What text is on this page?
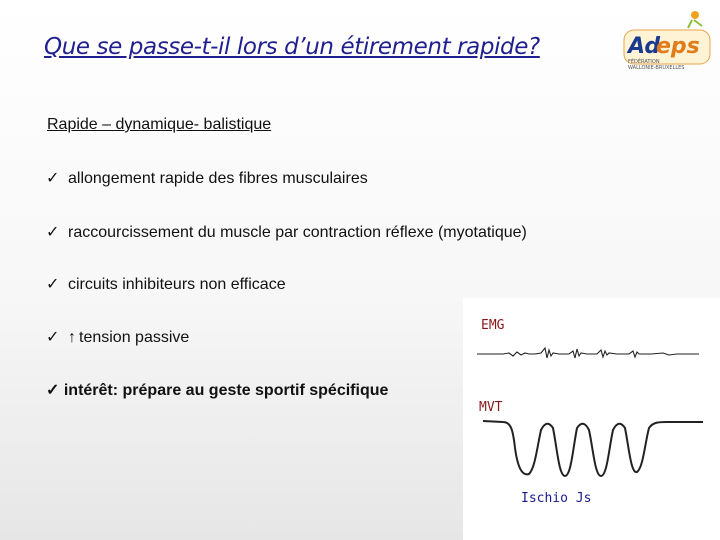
Que se passe-t-il lors d’un étirement rapide?	Ad
eps
FÉDÉRATION
WALLONIE-BRUXELLES
Rapide – dynamique- balistique
✓ allongement rapide des fibres musculaires
✓ raccourcissement du muscle par contraction réflexe (myotatique)
✓ circuits inhibiteurs non efficace
✓ ↑ tension passive
✓ intérêt: prépare au geste sportif spécifique
EMG
MVT
Ischio Js
